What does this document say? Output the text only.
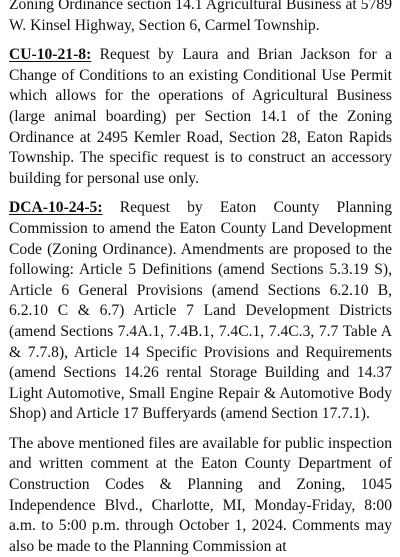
Zoning Ordinance section 14.1 Agricultural Business at 5789 W. Kinsel Highway, Section 6, Carmel Township.

CU-10-21-8: Request by Laura and Brian Jackson for a Change of Conditions to an existing Conditional Use Permit which allows for the operations of Agricultural Business (large animal boarding) per Section 14.1 of the Zoning Ordinance at 2495 Kemler Road, Section 28, Eaton Rapids Township. The specific request is to construct an accessory building for personal use only.

DCA-10-24-5: Request by Eaton County Planning Commission to amend the Eaton County Land Development Code (Zoning Ordinance). Amendments are proposed to the following: Article 5 Definitions (amend Sections 5.3.19 S), Article 6 General Provisions (amend Sections 6.2.10 B, 6.2.10 C & 6.7) Article 7 Land Development Districts (amend Sections 7.4A.1, 7.4B.1, 7.4C.1, 7.4C.3, 7.7 Table A & 7.7.8), Article 14 Specific Provisions and Requirements (amend Sections 14.26 rental Storage Building and 14.37 Light Automotive, Small Engine Repair & Automotive Body Shop) and Article 17 Bufferyards (amend Section 17.7.1).

The above mentioned files are available for public inspection and written comment at the Eaton County Department of Construction Codes & Planning and Zoning, 1045 Independence Blvd., Charlotte, MI, Monday-Friday, 8:00 a.m. to 5:00 p.m. through October 1, 2024. Comments may also be made to the Planning Commission at
